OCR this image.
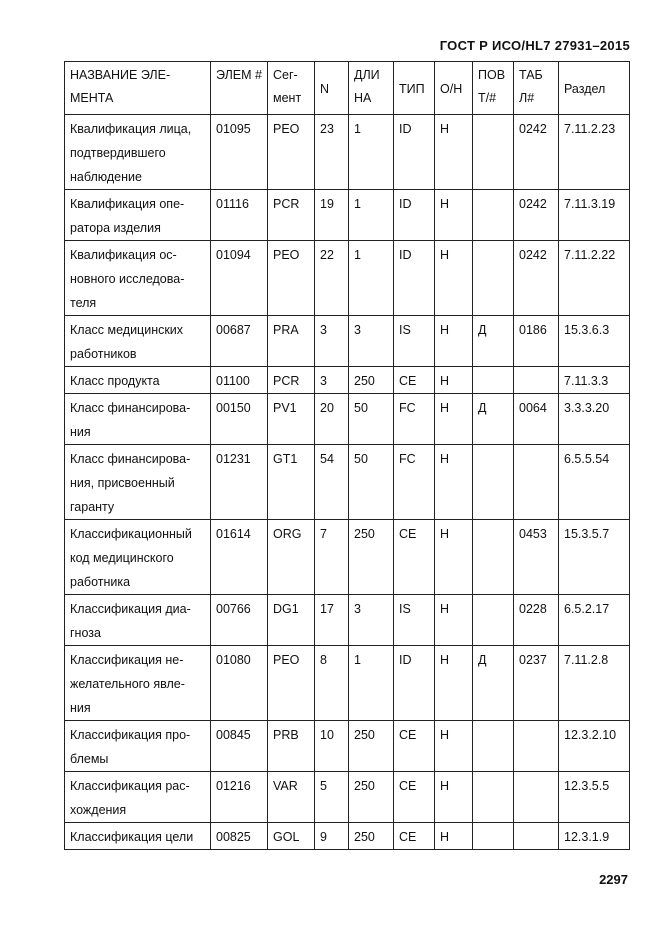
ГОСТ Р ИСО/HL7 27931–2015
НАЗВАНИЕ ЭЛЕ-МЕНТА	ЭЛЕМ #	Сег-мент	N	ДЛИ НА	ТИП	О/Н	ПОВ Т/#	ТАБ Л#	Раздел
Квалификация лица, подтвердившего наблюдение	01095	PEO	23	1	ID	Н		0242	7.11.2.23
Квалификация опе-ратора изделия	01116	PCR	19	1	ID	Н		0242	7.11.3.19
Квалификация ос-новного исследова-теля	01094	PEO	22	1	ID	Н		0242	7.11.2.22
Класс медицинских работников	00687	PRA	3	3	IS	Н	Д	0186	15.3.6.3
Класс продукта	01100	PCR	3	250	CE	Н			7.11.3.3
Класс финансирова-ния	00150	PV1	20	50	FC	Н	Д	0064	3.3.3.20
Класс финансирова-ния, присвоенный гаранту	01231	GT1	54	50	FC	Н			6.5.5.54
Классификационный код медицинского работника	01614	ORG	7	250	CE	Н		0453	15.3.5.7
Классификация диа-гноза	00766	DG1	17	3	IS	Н		0228	6.5.2.17
Классификация не-желательного явле-ния	01080	PEO	8	1	ID	Н	Д	0237	7.11.2.8
Классификация про-блемы	00845	PRB	10	250	CE	Н			12.3.2.10
Классификация рас-хождения	01216	VAR	5	250	CE	Н			12.3.5.5
Классификация цели	00825	GOL	9	250	CE	Н			12.3.1.9
2297
